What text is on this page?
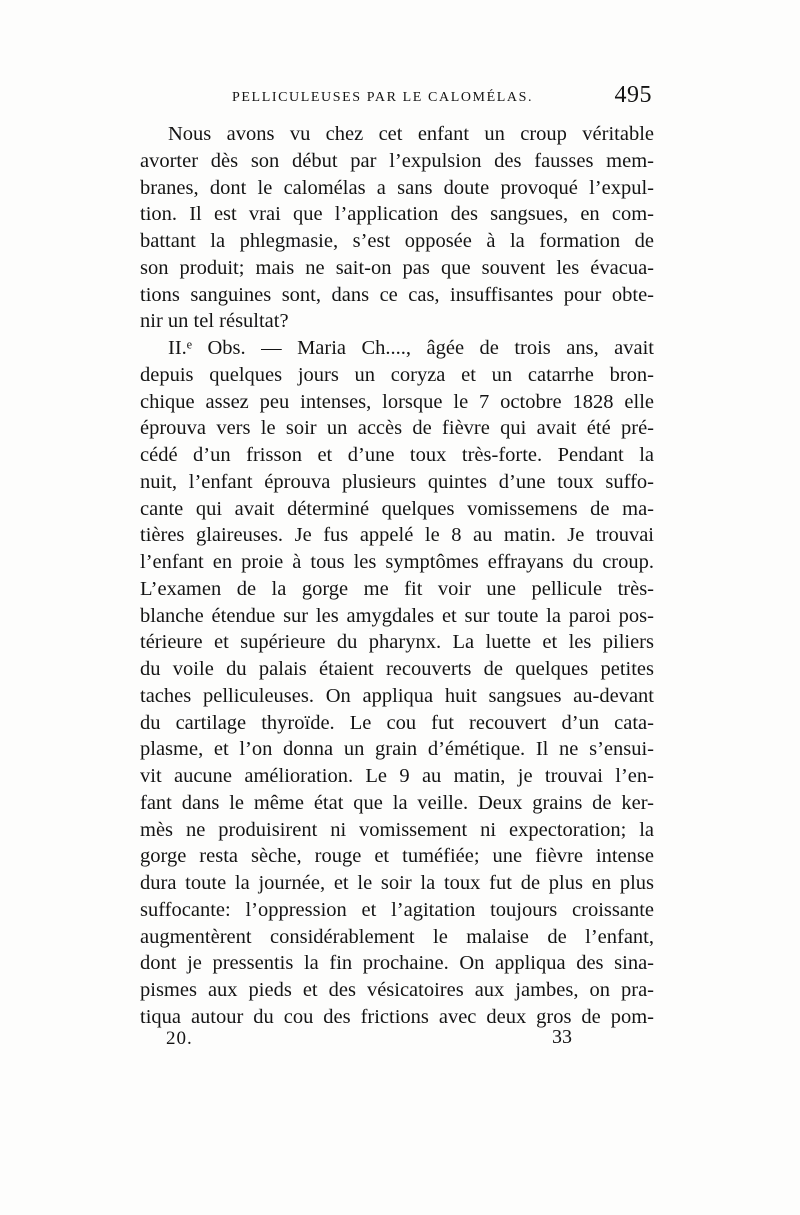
PELLICULEUSES PAR LE CALOMÉLAS.	495
Nous avons vu chez cet enfant un croup véritable
avorter dès son début par l’expulsion des fausses mem-
branes, dont le calomélas a sans doute provoqué l’expul-
tion. Il est vrai que l’application des sangsues, en com-
battant la phlegmasie, s’est opposée à la formation de
son produit; mais ne sait-on pas que souvent les évacua-
tions sanguines sont, dans ce cas, insuffisantes pour obte-
nir un tel résultat?
II.ᵉ Obs. — Maria Ch...., âgée de trois ans, avait
depuis quelques jours un coryza et un catarrhe bron-
chique assez peu intenses, lorsque le 7 octobre 1828 elle
éprouva vers le soir un accès de fièvre qui avait été pré-
cédé d’un frisson et d’une toux très-forte. Pendant la
nuit, l’enfant éprouva plusieurs quintes d’une toux suffo-
cante qui avait déterminé quelques vomissemens de ma-
tières glaireuses. Je fus appelé le 8 au matin. Je trouvai
l’enfant en proie à tous les symptômes effrayans du croup.
L’examen de la gorge me fit voir une pellicule très-
blanche étendue sur les amygdales et sur toute la paroi pos-
térieure et supérieure du pharynx. La luette et les piliers
du voile du palais étaient recouverts de quelques petites
taches pelliculeuses. On appliqua huit sangsues au-devant
du cartilage thyroïde. Le cou fut recouvert d’un cata-
plasme, et l’on donna un grain d’émétique. Il ne s’ensui-
vit aucune amélioration. Le 9 au matin, je trouvai l’en-
fant dans le même état que la veille. Deux grains de ker-
mès ne produisirent ni vomissement ni expectoration; la
gorge resta sèche, rouge et tuméfiée; une fièvre intense
dura toute la journée, et le soir la toux fut de plus en plus
suffocante: l’oppression et l’agitation toujours croissante
augmentèrent considérablement le malaise de l’enfant,
dont je pressentis la fin prochaine. On appliqua des sina-
pismes aux pieds et des vésicatoires aux jambes, on pra-
tiqua autour du cou des frictions avec deux gros de pom-
20.	33
